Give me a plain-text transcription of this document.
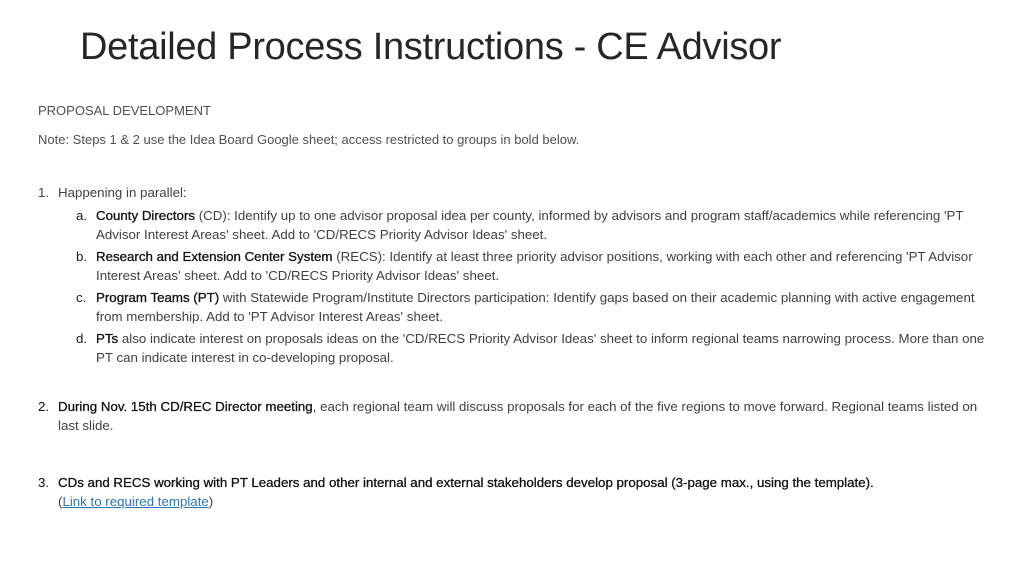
Detailed Process Instructions - CE Advisor
PROPOSAL DEVELOPMENT
Note: Steps 1 & 2 use the Idea Board Google sheet; access restricted to groups in bold below.
1. Happening in parallel:
a. County Directors (CD): Identify up to one advisor proposal idea per county, informed by advisors and program staff/academics while referencing 'PT Advisor Interest Areas' sheet. Add to 'CD/RECS Priority Advisor Ideas' sheet.
b. Research and Extension Center System (RECS): Identify at least three priority advisor positions, working with each other and referencing 'PT Advisor Interest Areas' sheet. Add to 'CD/RECS Priority Advisor Ideas' sheet.
c. Program Teams (PT) with Statewide Program/Institute Directors participation: Identify gaps based on their academic planning with active engagement from membership. Add to 'PT Advisor Interest Areas' sheet.
d. PTs also indicate interest on proposals ideas on the 'CD/RECS Priority Advisor Ideas' sheet to inform regional teams narrowing process. More than one PT can indicate interest in co-developing proposal.
2. During Nov. 15th CD/REC Director meeting, each regional team will discuss proposals for each of the five regions to move forward. Regional teams listed on last slide.
3. CDs and RECS working with PT Leaders and other internal and external stakeholders develop proposal (3-page max., using the template).
(Link to required template)
